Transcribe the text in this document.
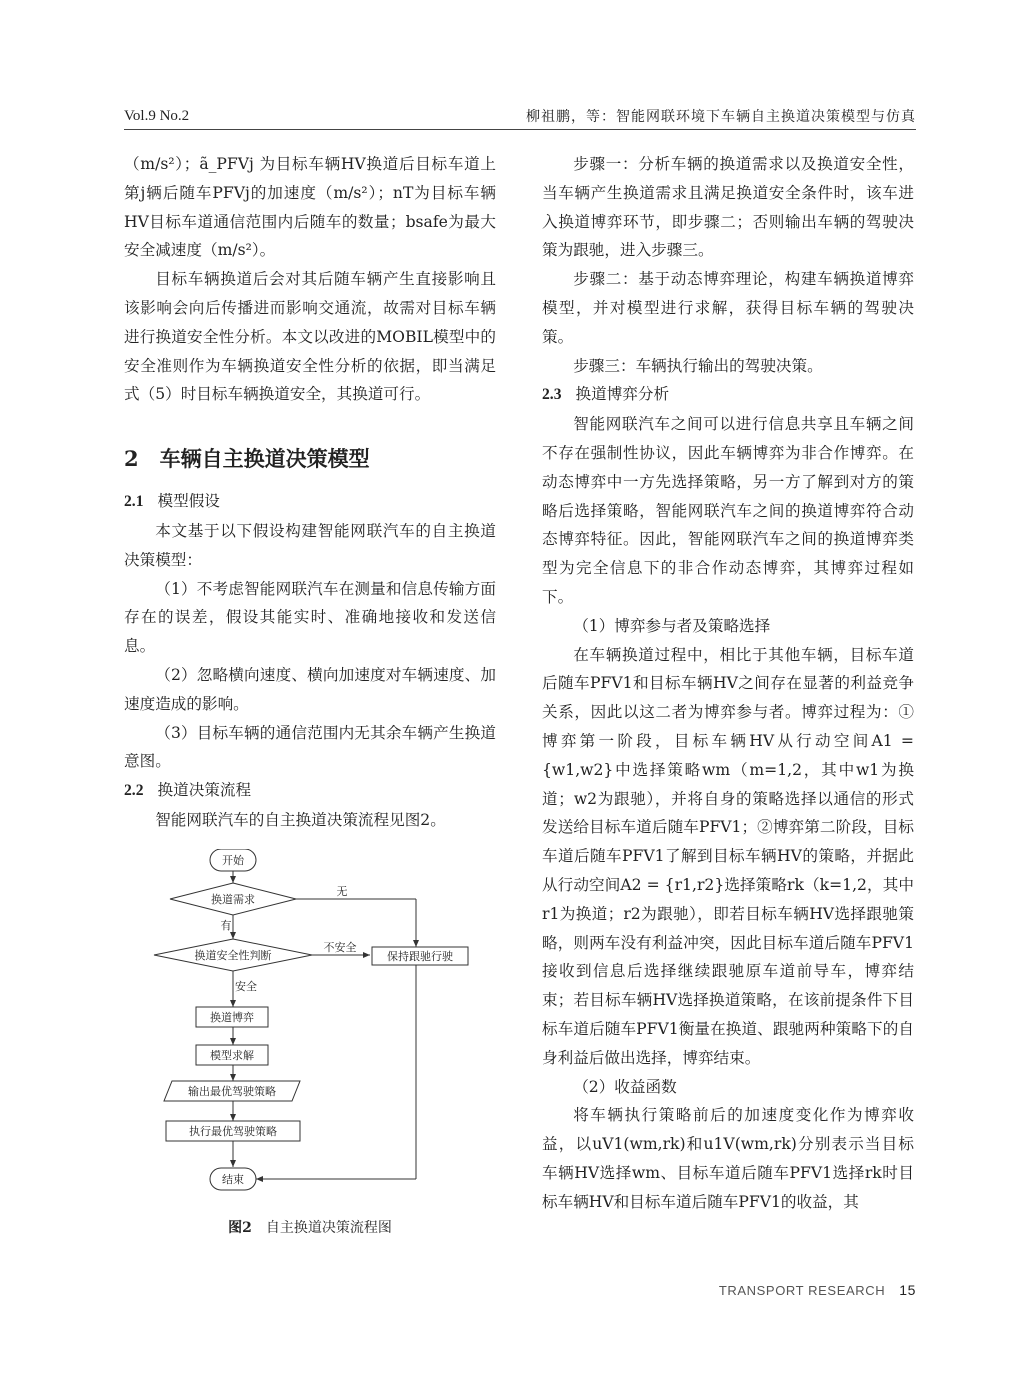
Vol.9 No.2	柳祖鹏，等：智能网联环境下车辆自主换道决策模型与仿真

（m/s²）；ã_PFVj 为目标车辆HV换道后目标车道上第j辆后随车PFVj的加速度（m/s²）；nT为目标车辆HV目标车道通信范围内后随车的数量；bsafe为最大安全减速度（m/s²）。

目标车辆换道后会对其后随车辆产生直接影响且该影响会向后传播进而影响交通流，故需对目标车辆进行换道安全性分析。本文以改进的MOBIL模型中的安全准则作为车辆换道安全性分析的依据，即当满足式（5）时目标车辆换道安全，其换道可行。

2　车辆自主换道决策模型
2.1 模型假设

本文基于以下假设构建智能网联汽车的自主换道决策模型：

（1）不考虑智能网联汽车在测量和信息传输方面存在的误差，假设其能实时、准确地接收和发送信息。

（2）忽略横向速度、横向加速度对车辆速度、加速度造成的影响。

（3）目标车辆的通信范围内无其余车辆产生换道意图。

2.2 换道决策流程

智能网联汽车的自主换道决策流程见图2。

开始
换道需求
无
有
换道安全性判断
不安全
保持跟驰行驶
安全
换道博弈
模型求解
输出最优驾驶策略
执行最优驾驶策略
结束
图2 自主换道决策流程图

步骤一：分析车辆的换道需求以及换道安全性，当车辆产生换道需求且满足换道安全条件时，该车进入换道博弈环节，即步骤二；否则输出车辆的驾驶决策为跟驰，进入步骤三。

步骤二：基于动态博弈理论，构建车辆换道博弈模型，并对模型进行求解，获得目标车辆的驾驶决策。

步骤三：车辆执行输出的驾驶决策。

2.3 换道博弈分析

智能网联汽车之间可以进行信息共享且车辆之间不存在强制性协议，因此车辆博弈为非合作博弈。在动态博弈中一方先选择策略，另一方了解到对方的策略后选择策略，智能网联汽车之间的换道博弈符合动态博弈特征。因此，智能网联汽车之间的换道博弈类型为完全信息下的非合作动态博弈，其博弈过程如下。

（1）博弈参与者及策略选择

在车辆换道过程中，相比于其他车辆，目标车道后随车PFV1和目标车辆HV之间存在显著的利益竞争关系，因此以这二者为博弈参与者。博弈过程为：①博弈第一阶段，目标车辆HV从行动空间A1 = {w1,w2}中选择策略wm（m=1,2，其中w1为换道；w2为跟驰），并将自身的策略选择以通信的形式发送给目标车道后随车PFV1；②博弈第二阶段，目标车道后随车PFV1了解到目标车辆HV的策略，并据此从行动空间A2 = {r1,r2}选择策略rk（k=1,2，其中r1为换道；r2为跟驰），即若目标车辆HV选择跟驰策略，则两车没有利益冲突，因此目标车道后随车PFV1接收到信息后选择继续跟驰原车道前导车，博弈结束；若目标车辆HV选择换道策略，在该前提条件下目标车道后随车PFV1衡量在换道、跟驰两种策略下的自身利益后做出选择，博弈结束。

（2）收益函数

将车辆执行策略前后的加速度变化作为博弈收益，以uV1(wm,rk)和u1V(wm,rk)分别表示当目标车辆HV选择wm、目标车道后随车PFV1选择rk时目标车辆HV和目标车道后随车PFV1的收益，其

TRANSPORT RESEARCH 15
